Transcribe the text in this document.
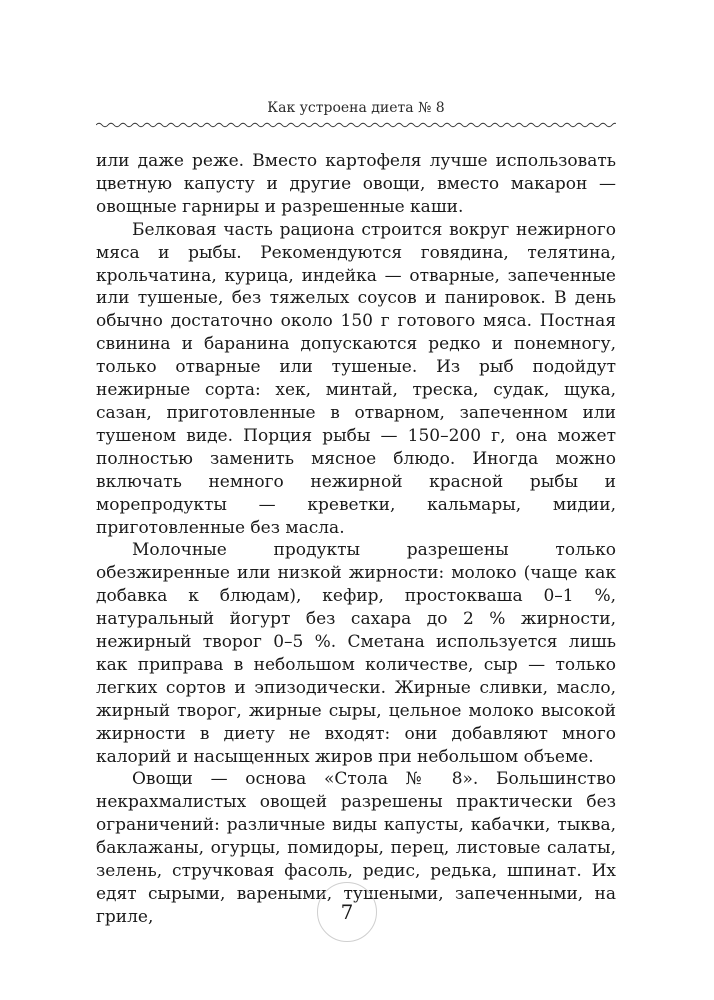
Как устроена диета № 8

или даже реже. Вместо картофеля лучше использовать цветную капусту и другие овощи, вместо макарон — овощные гарниры и разрешенные каши.

Белковая часть рациона строится вокруг нежирного мяса и рыбы. Рекомендуются говядина, телятина, крольчатина, курица, индейка — отварные, запеченные или тушеные, без тяжелых соусов и панировок. В день обычно достаточно около 150 г готового мяса. Постная свинина и баранина допускаются редко и понемногу, только отварные или тушеные. Из рыб подойдут нежирные сорта: хек, минтай, треска, судак, щука, сазан, приготовленные в отварном, запеченном или тушеном виде. Порция рыбы — 150–200 г, она может полностью заменить мясное блюдо. Иногда можно включать немного нежирной красной рыбы и морепродукты — креветки, кальмары, мидии, приготовленные без масла.

Молочные продукты разрешены только обезжиренные или низкой жирности: молоко (чаще как добавка к блюдам), кефир, простокваша 0–1 %, натуральный йогурт без сахара до 2 % жирности, нежирный творог 0–5 %. Сметана используется лишь как приправа в небольшом количестве, сыр — только легких сортов и эпизодически. Жирные сливки, масло, жирный творог, жирные сыры, цельное молоко высокой жирности в диету не входят: они добавляют много калорий и насыщенных жиров при небольшом объеме.

Овощи — основа «Стола № 8». Большинство некрахмалистых овощей разрешены практически без ограничений: различные виды капусты, кабачки, тыква, баклажаны, огурцы, помидоры, перец, листовые салаты, зелень, стручковая фасоль, редис, редька, шпинат. Их едят сырыми, вареными, тушеными, запеченными, на гриле,	7
